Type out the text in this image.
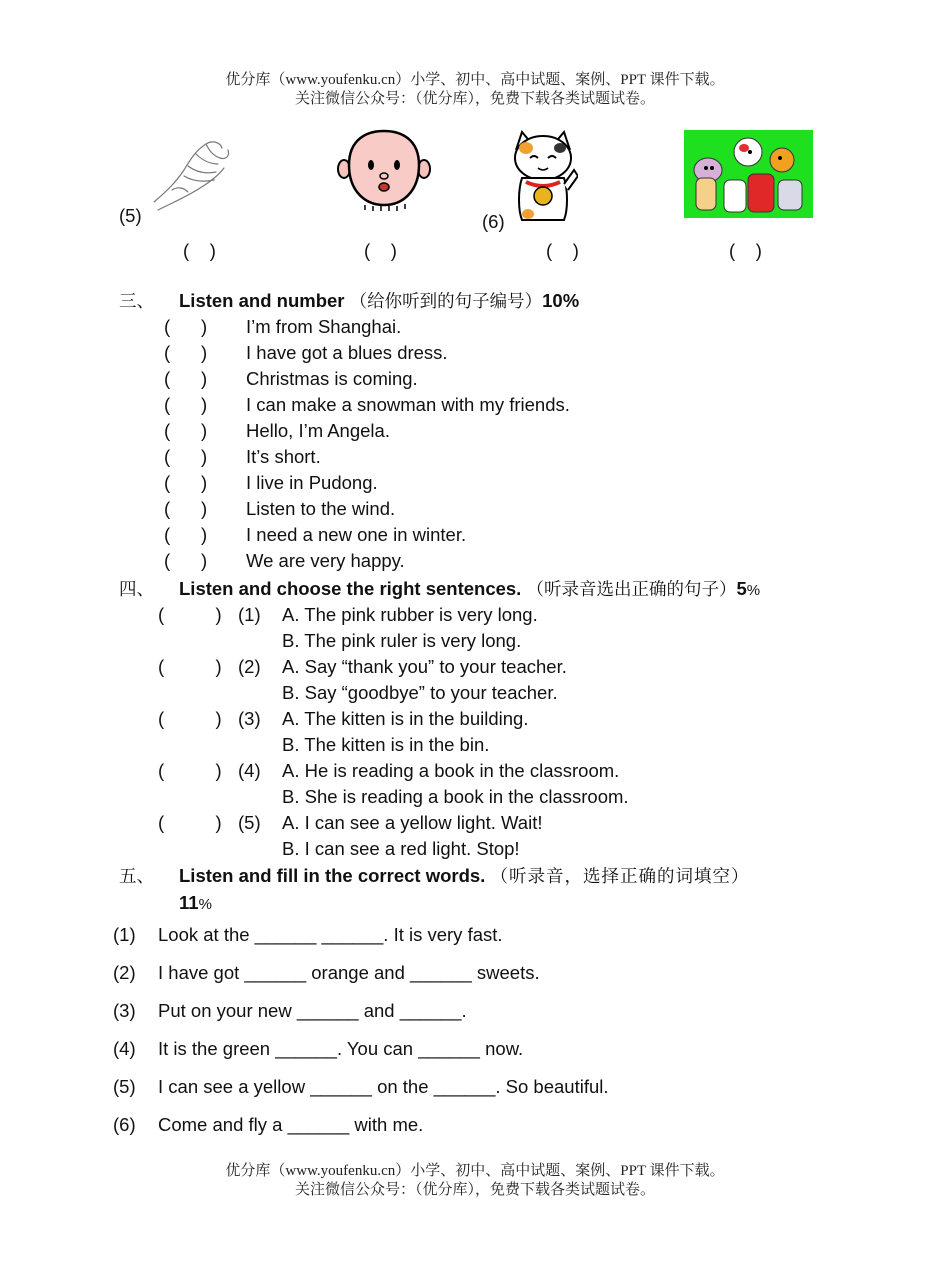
优分库（www.youfenku.cn）小学、初中、高中试题、案例、PPT 课件下载。
关注微信公众号：（优分库），免费下载各类试题试卷。
(5)	(6)
(    )	(    )	(    )	(    )
三、 Listen and number （给你听到的句子编号）10%
(      ) I’m from Shanghai.
(      ) I have got a blues dress.
(      ) Christmas is coming.
(      ) I can make a snowman with my friends.
(      ) Hello, I’m Angela.
(      ) It’s short.
(      ) I live in Pudong.
(      ) Listen to the wind.
(      ) I need a new one in winter.
(      ) We are very happy.
四、 Listen and choose the right sentences. （听录音选出正确的句子）5%
(          ) (1) A. The pink rubber is very long.
B. The pink ruler is very long.
(          ) (2) A. Say “thank you” to your teacher.
B. Say “goodbye” to your teacher.
(          ) (3) A. The kitten is in the building.
B. The kitten is in the bin.
(          ) (4) A. He is reading a book in the classroom.
B. She is reading a book in the classroom.
(          ) (5) A. I can see a yellow light. Wait!
B. I can see a red light. Stop!
五、 Listen and fill in the correct words. （听录音，选择正确的词填空）
11%
(1) Look at the ______ ______. It is very fast.
(2) I have got ______ orange and ______ sweets.
(3) Put on your new ______ and ______.
(4) It is the green ______. You can ______ now.
(5) I can see a yellow ______ on the ______. So beautiful.
(6) Come and fly a ______ with me.
优分库（www.youfenku.cn）小学、初中、高中试题、案例、PPT 课件下载。
关注微信公众号：（优分库），免费下载各类试题试卷。
